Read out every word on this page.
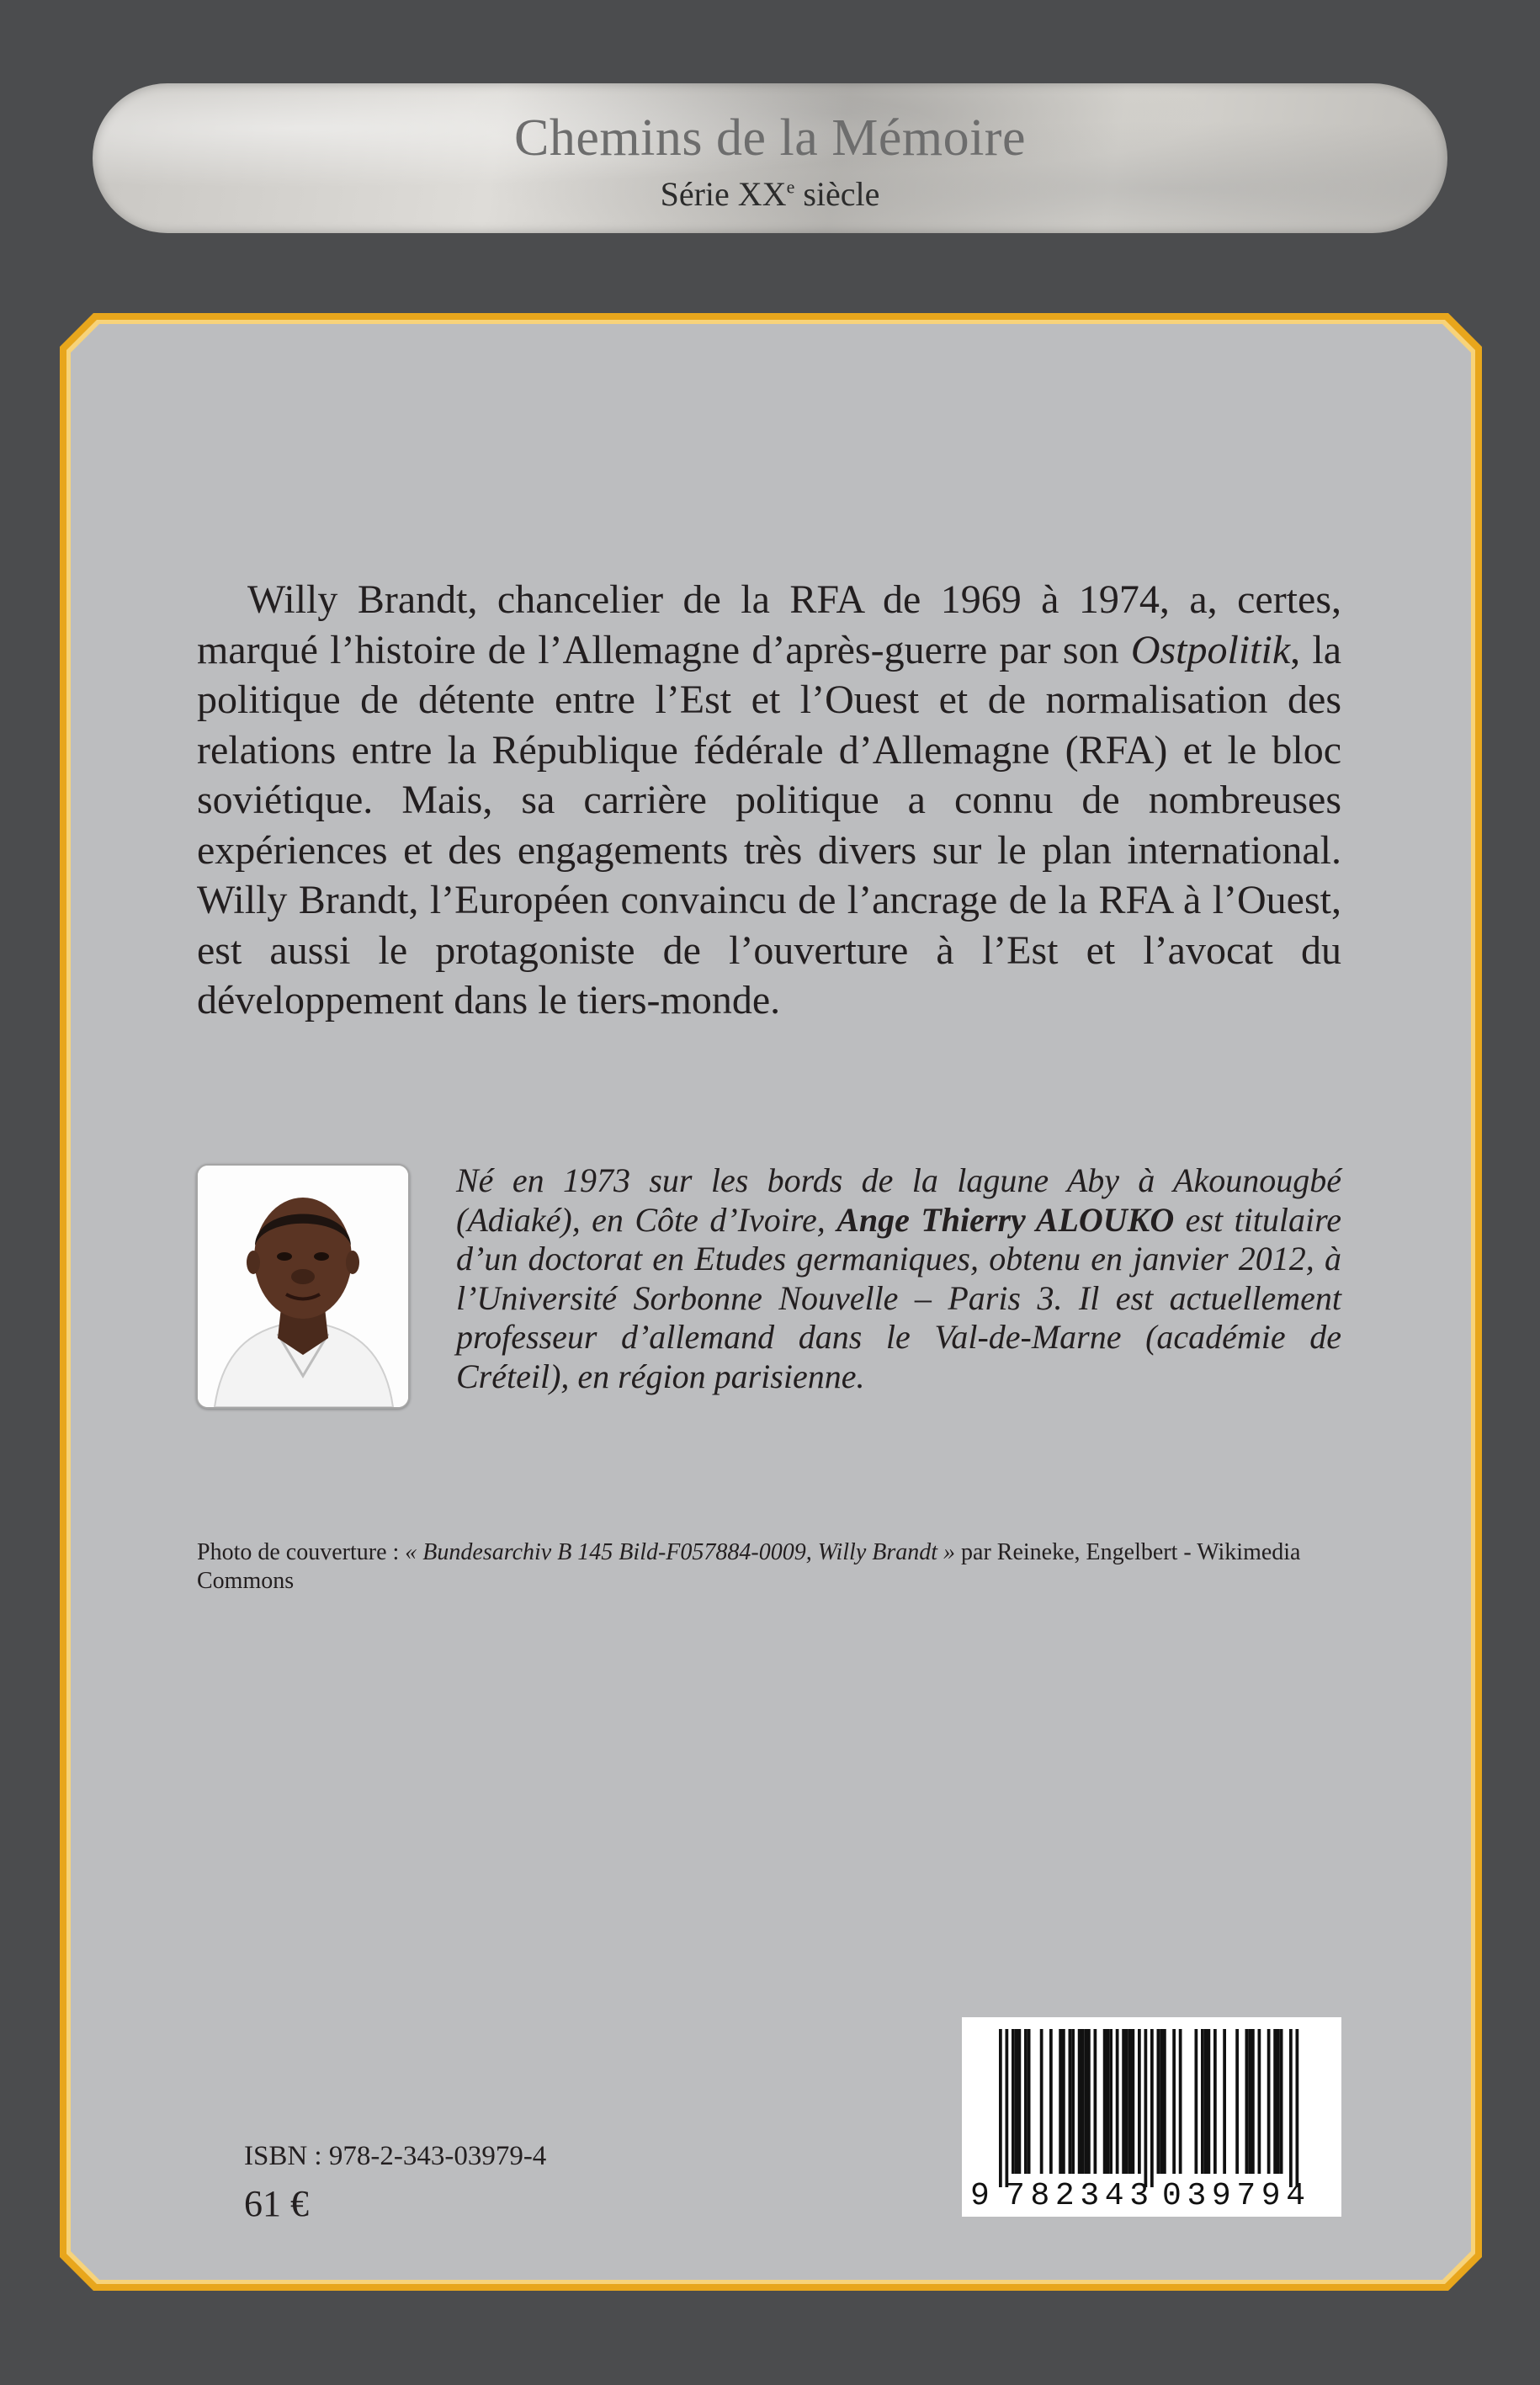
Chemins de la Mémoire
Série XXe siècle

Willy Brandt, chancelier de la RFA de 1969 à 1974, a, certes, marqué l’histoire de l’Allemagne d’après-guerre par son Ostpolitik, la politique de détente entre l’Est et l’Ouest et de normalisation des relations entre la République fédérale d’Allemagne (RFA) et le bloc soviétique. Mais, sa carrière politique a connu de nombreuses expériences et des engagements très divers sur le plan international. Willy Brandt, l’Européen convaincu de l’ancrage de la RFA à l’Ouest, est aussi le protagoniste de l’ouverture à l’Est et l’avocat du développement dans le tiers-monde.

Né en 1973 sur les bords de la lagune Aby à Akounougbé (Adiaké), en Côte d’Ivoire, Ange Thierry ALOUKO est titulaire d’un doctorat en Etudes germaniques, obtenu en janvier 2012, à l’Université Sorbonne Nouvelle – Paris 3. Il est actuellement professeur d’allemand dans le Val-de-Marne (académie de Créteil), en région parisienne.

Photo de couverture : « Bundesarchiv B 145 Bild-F057884-0009, Willy Brandt » par Reineke, Engelbert - Wikimedia Commons

ISBN : 978-2-343-03979-4
61 €	9 782343 039794
